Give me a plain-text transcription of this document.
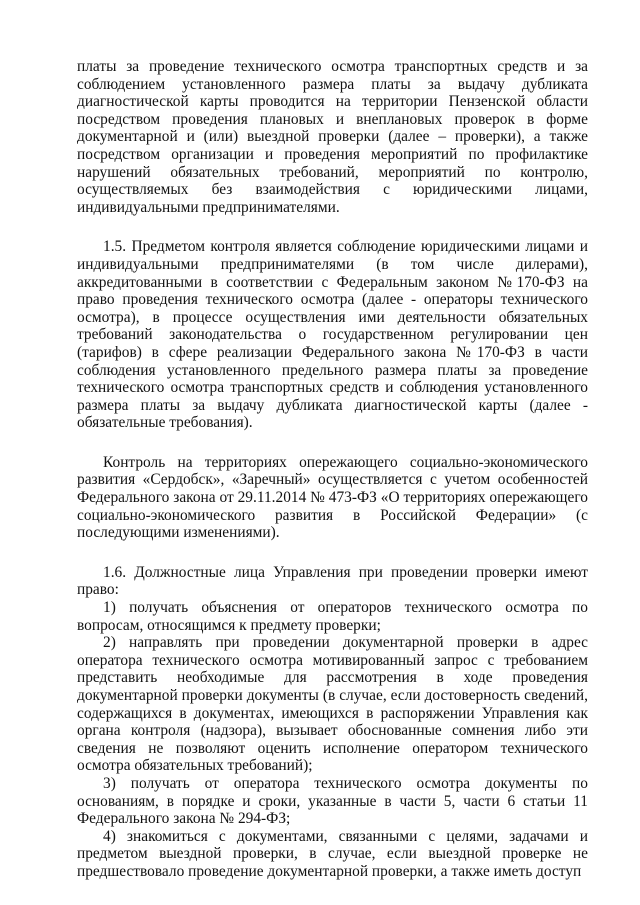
платы за проведение технического осмотра транспортных средств и за соблюдением установленного размера платы за выдачу дубликата диагностической карты проводится на территории Пензенской области посредством проведения плановых и внеплановых проверок в форме документарной и (или) выездной проверки (далее – проверки), а также посредством организации и проведения мероприятий по профилактике нарушений обязательных требований, мероприятий по контролю, осуществляемых без взаимодействия с юридическими лицами, индивидуальными предпринимателями.

1.5. Предметом контроля является соблюдение юридическими лицами и индивидуальными предпринимателями (в том числе дилерами), аккредитованными в соответствии с Федеральным законом №170-ФЗ на право проведения технического осмотра (далее - операторы технического осмотра), в процессе осуществления ими деятельности обязательных требований законодательства о государственном регулировании цен (тарифов) в сфере реализации Федерального закона №170-ФЗ в части соблюдения установленного предельного размера платы за проведение технического осмотра транспортных средств и соблюдения установленного размера платы за выдачу дубликата диагностической карты (далее - обязательные требования).

Контроль на территориях опережающего социально-экономического развития «Сердобск», «Заречный» осуществляется с учетом особенностей Федерального закона от 29.11.2014 № 473-ФЗ «О территориях опережающего социально-экономического развития в Российской Федерации» (с последующими изменениями).

1.6. Должностные лица Управления при проведении проверки имеют право:

1) получать объяснения от операторов технического осмотра по вопросам, относящимся к предмету проверки;

2) направлять при проведении документарной проверки в адрес оператора технического осмотра мотивированный запрос с требованием представить необходимые для рассмотрения в ходе проведения документарной проверки документы (в случае, если достоверность сведений, содержащихся в документах, имеющихся в распоряжении Управления как органа контроля (надзора), вызывает обоснованные сомнения либо эти сведения не позволяют оценить исполнение оператором технического осмотра обязательных требований);

3) получать от оператора технического осмотра документы по основаниям, в порядке и сроки, указанные в части 5, части 6 статьи 11 Федерального закона № 294-ФЗ;

4) знакомиться с документами, связанными с целями, задачами и предметом выездной проверки, в случае, если выездной проверке не предшествовало проведение документарной проверки, а также иметь доступ
